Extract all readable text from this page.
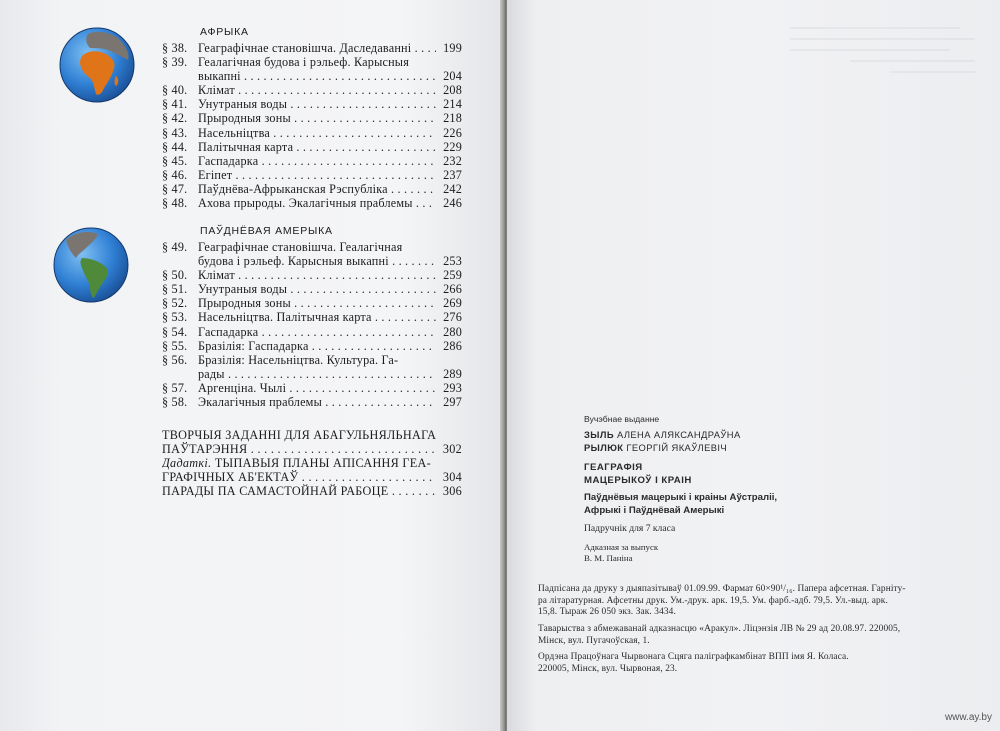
АФРЫКА
§ 38. Геаграфічнае становішча. Даследаванні . . .	199
§ 39. Геалагічная будова і рэльеф. Карысныя
выкапні . . .	204
§ 40. Клімат . . .	208
§ 41. Унутраныя воды . . .	214
§ 42. Прыродныя зоны . . .	218
§ 43. Насельніцтва . . .	226
§ 44. Палітычная карта . . .	229
§ 45. Гаспадарка . . .	232
§ 46. Егіпет . . .	237
§ 47. Паўднёва-Афрыканская Рэспубліка . . .	242
§ 48. Ахова прыроды. Экалагічныя праблемы . . .	246
ПАЎДНЁВАЯ АМЕРЫКА
§ 49. Геаграфічнае становішча. Геалагічная
будова і рэльеф. Карысныя выкапні . . .	253
§ 50. Клімат . . .	259
§ 51. Унутраныя воды . . .	266
§ 52. Прыродныя зоны . . .	269
§ 53. Насельніцтва. Палітычная карта . . .	276
§ 54. Гаспадарка . . .	280
§ 55. Бразілія: Гаспадарка . . .	286
§ 56. Бразілія: Насельніцтва. Культура. Га-
рады . . .	289
§ 57. Аргенціна. Чылі . . .	293
§ 58. Экалагічныя праблемы . . .	297
ТВОРЧЫЯ ЗАДАННІ ДЛЯ АБАГУЛЬНЯЛЬНАГА
ПАЎТАРЭННЯ . . .	302
Дадаткі. ТЫПАВЫЯ ПЛАНЫ АПІСАННЯ ГЕА-
ГРАФІЧНЫХ АБ'ЕКТАЎ . . .	304
ПАРАДЫ ПА САМАСТОЙНАЙ РАБОЦЕ . . .	306
Вучэбнае выданне
ЗЫЛЬ АЛЕНА АЛЯКСАНДРАЎНА
РЫЛЮК ГЕОРГІЙ ЯКАЎЛЕВІЧ
ГЕАГРАФІЯ
МАЦЕРЫКОЎ І КРАІН
Паўднёвыя мацерыкі і краіны Аўстраліі,
Афрыкі і Паўднёвай Амерыкі
Падручнік для 7 класа
Адказная за выпуск
В. М. Паніна
Падпісана да друку з дыяпазітываў 01.09.99. Фармат 60×90¹/₁₆. Папера афсетная. Гарніту-
ра літаратурная. Афсетны друк. Ум.-друк. арк. 19,5. Ум. фарб.-адб. 79,5. Ул.-выд. арк.
15,8. Тыраж 26 050 экз. Зак. 3434.
Таварыства з абмежаванай адказнасцю «Аракул». Ліцэнзія ЛВ № 29 ад 20.08.97. 220005,
Мінск, вул. Пугачоўская, 1.
Ордэна Працоўнага Чырвонага Сцяга паліграфкамбінат ВПП імя Я. Коласа.
220005, Мінск, вул. Чырвоная, 23.
www.ay.by
